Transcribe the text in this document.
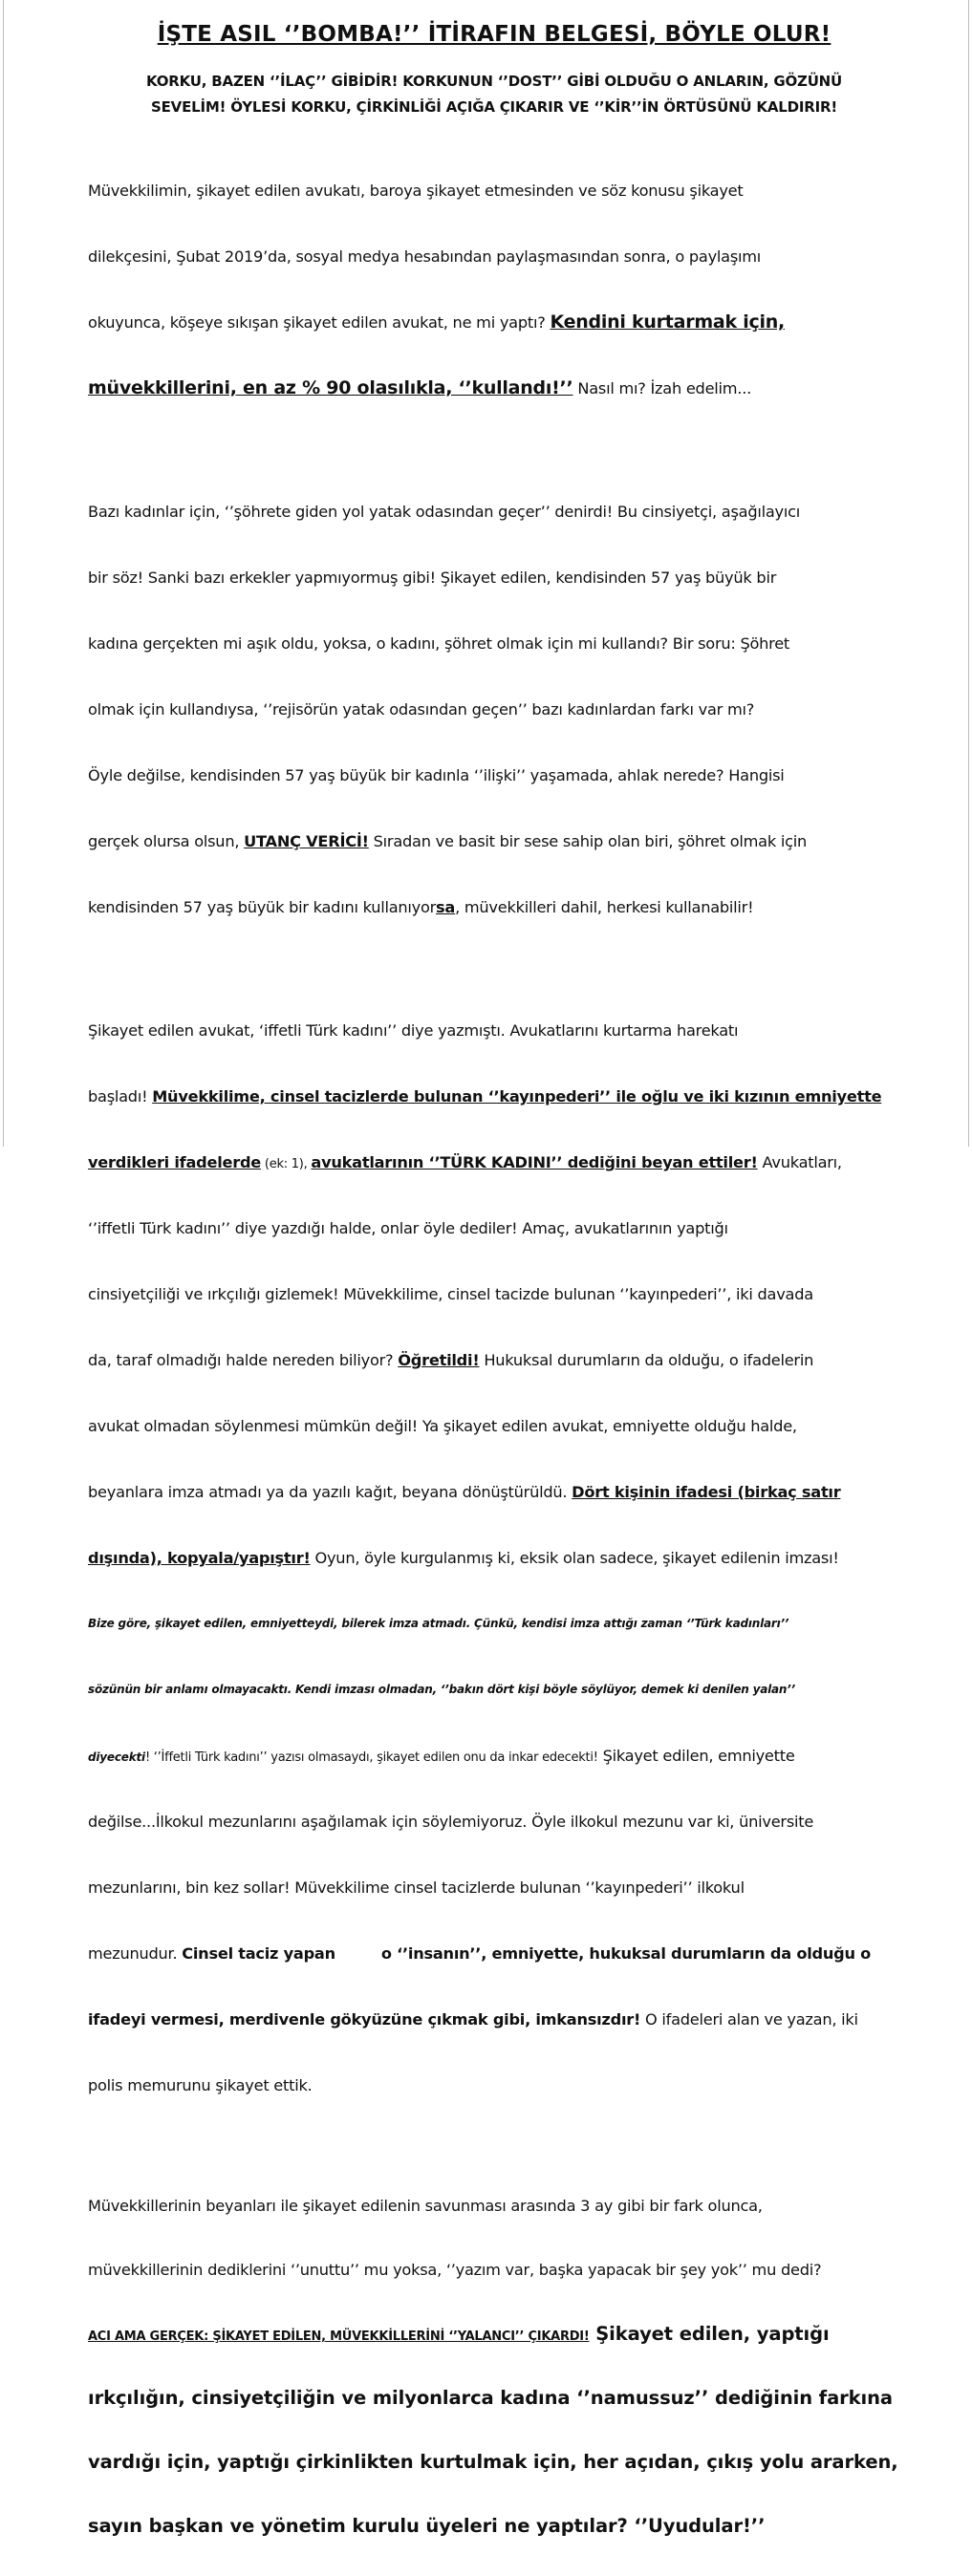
İŞTE ASIL ‘’BOMBA!’’ İTİRAFIN BELGESİ, BÖYLE OLUR!
KORKU, BAZEN ‘’İLAÇ’’ GİBİDİR! KORKUNUN ‘’DOST’’ GİBİ OLDUĞU O ANLARIN, GÖZÜNÜ
SEVELİM! ÖYLESİ KORKU, ÇİRKİNLİĞİ AÇIĞA ÇIKARIR VE ‘’KİR’’İN ÖRTÜSÜNÜ KALDIRIR!

Müvekkilimin, şikayet edilen avukatı, baroya şikayet etmesinden ve söz konusu şikayet

dilekçesini, Şubat 2019’da, sosyal medya hesabından paylaşmasından sonra, o paylaşımı

okuyunca, köşeye sıkışan şikayet edilen avukat, ne mi yaptı? Kendini kurtarmak için,

müvekkillerini, en az % 90 olasılıkla, ‘’kullandı!’’ Nasıl mı? İzah edelim...

Bazı kadınlar için, ‘’şöhrete giden yol yatak odasından geçer’’ denirdi! Bu cinsiyetçi, aşağılayıcı

bir söz! Sanki bazı erkekler yapmıyormuş gibi! Şikayet edilen, kendisinden 57 yaş büyük bir

kadına gerçekten mi aşık oldu, yoksa, o kadını, şöhret olmak için mi kullandı? Bir soru: Şöhret

olmak için kullandıysa, ‘’rejisörün yatak odasından geçen’’ bazı kadınlardan farkı var mı?

Öyle değilse, kendisinden 57 yaş büyük bir kadınla ‘’ilişki’’ yaşamada, ahlak nerede? Hangisi

gerçek olursa olsun, UTANÇ VERİCİ! Sıradan ve basit bir sese sahip olan biri, şöhret olmak için

kendisinden 57 yaş büyük bir kadını kullanıyorsa, müvekkilleri dahil, herkesi kullanabilir!

Şikayet edilen avukat, ‘iffetli Türk kadını’’ diye yazmıştı. Avukatlarını kurtarma harekatı

başladı! Müvekkilime, cinsel tacizlerde bulunan ‘’kayınpederi’’ ile oğlu ve iki kızının emniyette

verdikleri ifadelerde (ek: 1), avukatlarının ‘’TÜRK KADINI’’ dediğini beyan ettiler! Avukatları,

‘’iffetli Türk kadını’’ diye yazdığı halde, onlar öyle dediler! Amaç, avukatlarının yaptığı

cinsiyetçiliği ve ırkçılığı gizlemek! Müvekkilime, cinsel tacizde bulunan ‘’kayınpederi’’, iki davada

da, taraf olmadığı halde nereden biliyor? Öğretildi! Hukuksal durumların da olduğu, o ifadelerin

avukat olmadan söylenmesi mümkün değil! Ya şikayet edilen avukat, emniyette olduğu halde,

beyanlara imza atmadı ya da yazılı kağıt, beyana dönüştürüldü. Dört kişinin ifadesi (birkaç satır

dışında), kopyala/yapıştır! Oyun, öyle kurgulanmış ki, eksik olan sadece, şikayet edilenin imzası!

Bize göre, şikayet edilen, emniyetteydi, bilerek imza atmadı. Çünkü, kendisi imza attığı zaman ‘’Türk kadınları’’

sözünün bir anlamı olmayacaktı. Kendi imzası olmadan, ‘’bakın dört kişi böyle söylüyor, demek ki denilen yalan’’

diyecekti! ‘’İffetli Türk kadını’’ yazısı olmasaydı, şikayet edilen onu da inkar edecekti! Şikayet edilen, emniyette

değilse...İlkokul mezunlarını aşağılamak için söylemiyoruz. Öyle ilkokul mezunu var ki, üniversite

mezunlarını, bin kez sollar! Müvekkilime cinsel tacizlerde bulunan ‘’kayınpederi’’ ilkokul

mezunudur. Cinsel taciz yapan	o ‘’insanın’’, emniyette, hukuksal durumların da olduğu o

ifadeyi vermesi, merdivenle gökyüzüne çıkmak gibi, imkansızdır! O ifadeleri alan ve yazan, iki

polis memurunu şikayet ettik.

Müvekkillerinin beyanları ile şikayet edilenin savunması arasında 3 ay gibi bir fark olunca,

müvekkillerinin dediklerini ‘’unuttu’’ mu yoksa, ‘’yazım var, başka yapacak bir şey yok’’ mu dedi?

ACI AMA GERÇEK: ŞİKAYET EDİLEN, MÜVEKKİLLERİNİ ‘’YALANCI’’ ÇIKARDI! Şikayet edilen, yaptığı

ırkçılığın, cinsiyetçiliğin ve milyonlarca kadına ‘’namussuz’’ dediğinin farkına

vardığı için, yaptığı çirkinlikten kurtulmak için, her açıdan, çıkış yolu ararken,

sayın başkan ve yönetim kurulu üyeleri ne yaptılar? ‘’Uyudular!’’
